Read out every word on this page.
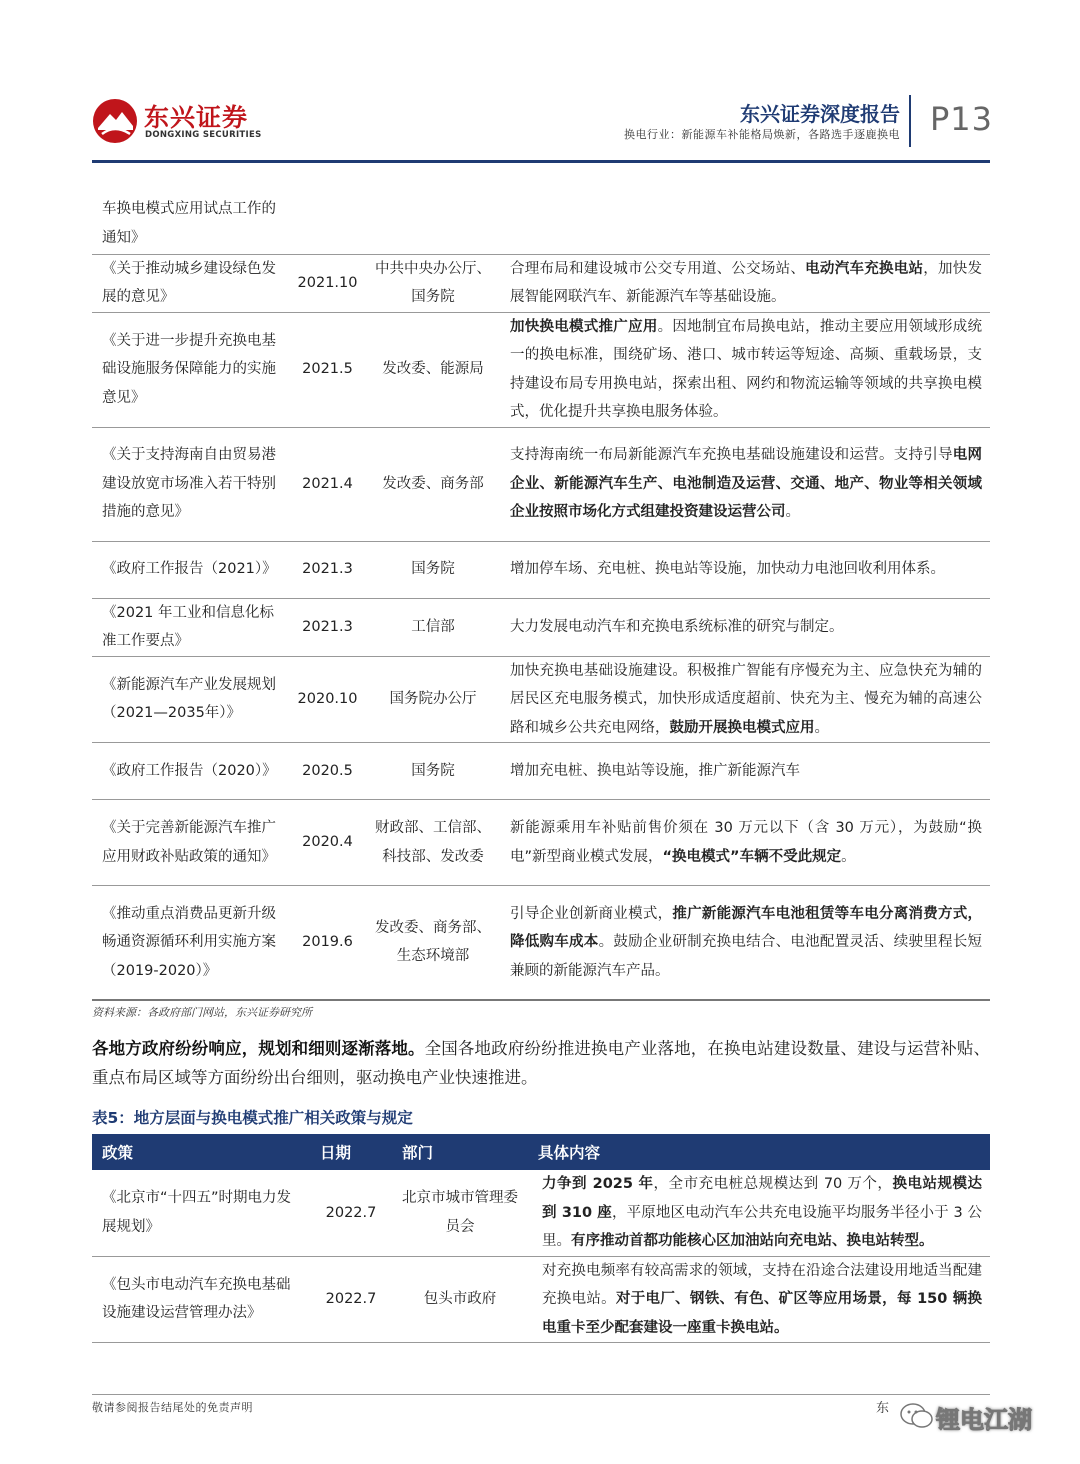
东兴证券
DONGXING SECURITIES
东兴证券深度报告
换电行业：新能源车补能格局焕新，各路选手逐鹿换电 P13
车换电模式应用试点工作的通知》			
《关于推动城乡建设绿色发展的意见》	2021.10	中共中央办公厅、国务院	合理布局和建设城市公交专用道、公交场站、电动汽车充换电站，加快发展智能网联汽车、新能源汽车等基础设施。
《关于进一步提升充换电基础设施服务保障能力的实施意见》	2021.5	发改委、能源局	加快换电模式推广应用。因地制宜布局换电站，推动主要应用领域形成统一的换电标准，围绕矿场、港口、城市转运等短途、高频、重载场景，支持建设布局专用换电站，探索出租、网约和物流运输等领域的共享换电模式，优化提升共享换电服务体验。
《关于支持海南自由贸易港建设放宽市场准入若干特别措施的意见》	2021.4	发改委、商务部	支持海南统一布局新能源汽车充换电基础设施建设和运营。支持引导电网企业、新能源汽车生产、电池制造及运营、交通、地产、物业等相关领域企业按照市场化方式组建投资建设运营公司。
《政府工作报告（2021）》	2021.3	国务院	增加停车场、充电桩、换电站等设施，加快动力电池回收利用体系。
《2021 年工业和信息化标准工作要点》	2021.3	工信部	大力发展电动汽车和充换电系统标准的研究与制定。
《新能源汽车产业发展规划（2021—2035年）》	2020.10	国务院办公厅	加快充换电基础设施建设。积极推广智能有序慢充为主、应急快充为辅的居民区充电服务模式，加快形成适度超前、快充为主、慢充为辅的高速公路和城乡公共充电网络，鼓励开展换电模式应用。
《政府工作报告（2020）》	2020.5	国务院	增加充电桩、换电站等设施，推广新能源汽车
《关于完善新能源汽车推广应用财政补贴政策的通知》	2020.4	财政部、工信部、科技部、发改委	新能源乘用车补贴前售价须在 30 万元以下（含 30 万元），为鼓励“换电”新型商业模式发展，“换电模式”车辆不受此规定。
《推动重点消费品更新升级畅通资源循环利用实施方案（2019-2020）》	2019.6	发改委、商务部、生态环境部	引导企业创新商业模式，推广新能源汽车电池租赁等车电分离消费方式，降低购车成本。鼓励企业研制充换电结合、电池配置灵活、续驶里程长短兼顾的新能源汽车产品。
资料来源：各政府部门网站，东兴证券研究所
各地方政府纷纷响应，规划和细则逐渐落地。全国各地政府纷纷推进换电产业落地，在换电站建设数量、建设与运营补贴、重点布局区域等方面纷纷出台细则，驱动换电产业快速推进。
表5：地方层面与换电模式推广相关政策与规定
政策	日期	部门	具体内容
《北京市“十四五”时期电力发展规划》	2022.7	北京市城市管理委员会	力争到 2025 年，全市充电桩总规模达到 70 万个，换电站规模达到 310 座，平原地区电动汽车公共充电设施平均服务半径小于 3 公里。有序推动首都功能核心区加油站向充电站、换电站转型。
《包头市电动汽车充换电基础设施建设运营管理办法》	2022.7	包头市政府	对充换电频率有较高需求的领域，支持在沿途合法建设用地适当配建充换电站。对于电厂、钢铁、有色、矿区等应用场景，每 150 辆换电重卡至少配套建设一座重卡换电站。
敬请参阅报告结尾处的免责声明	东 锂电江湖
